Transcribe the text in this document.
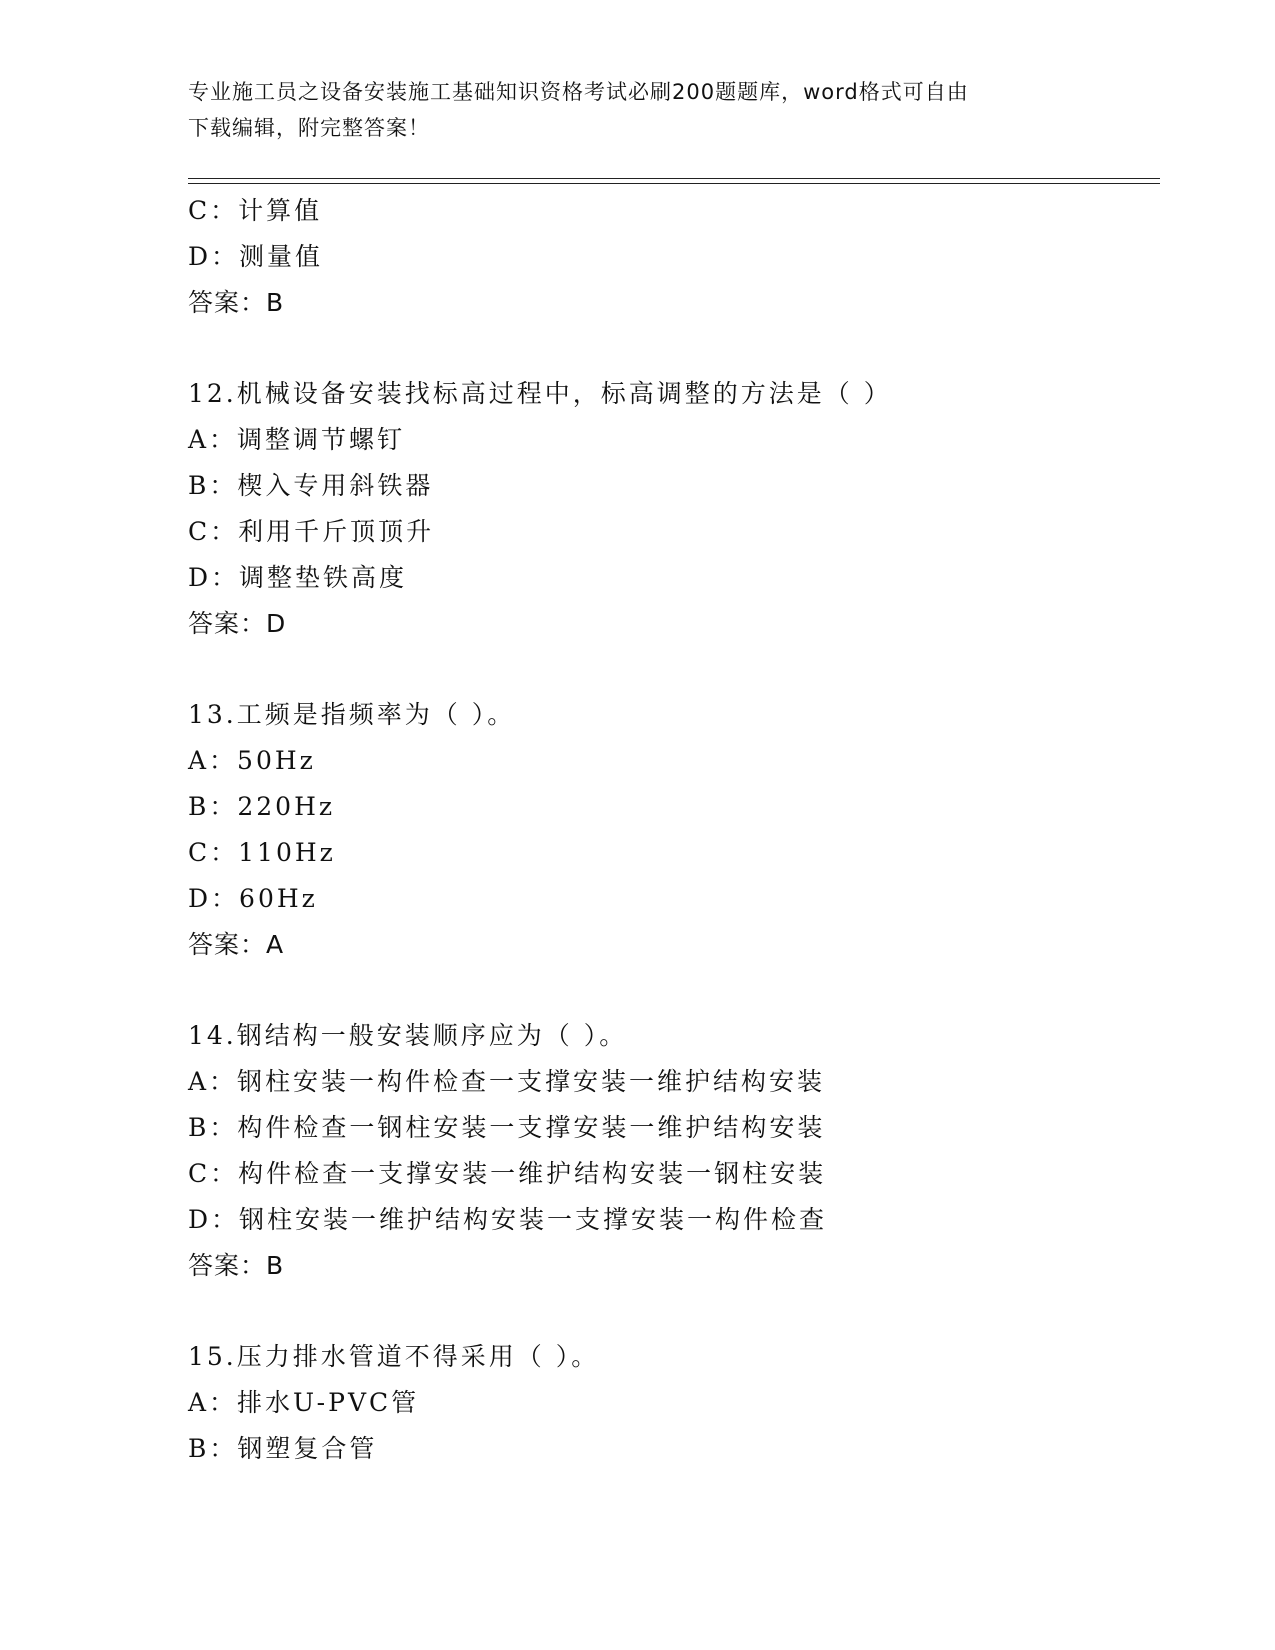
专业施工员之设备安装施工基础知识资格考试必刷200题题库，word格式可自由
下载编辑，附完整答案！
C：计算值
D：测量值
答案：B
12.机械设备安装找标高过程中，标高调整的方法是（ ）
A：调整调节螺钉
B：楔入专用斜铁器
C：利用千斤顶顶升
D：调整垫铁高度
答案：D
13.工频是指频率为（ ）。
A：50Hz
B：220Hz
C：110Hz
D：60Hz
答案：A
14.钢结构一般安装顺序应为（ ）。
A：钢柱安装一构件检查一支撑安装一维护结构安装
B：构件检查一钢柱安装一支撑安装一维护结构安装
C：构件检查一支撑安装一维护结构安装一钢柱安装
D：钢柱安装一维护结构安装一支撑安装一构件检查
答案：B
15.压力排水管道不得采用（ ）。
A：排水U-PVC管
B：钢塑复合管
